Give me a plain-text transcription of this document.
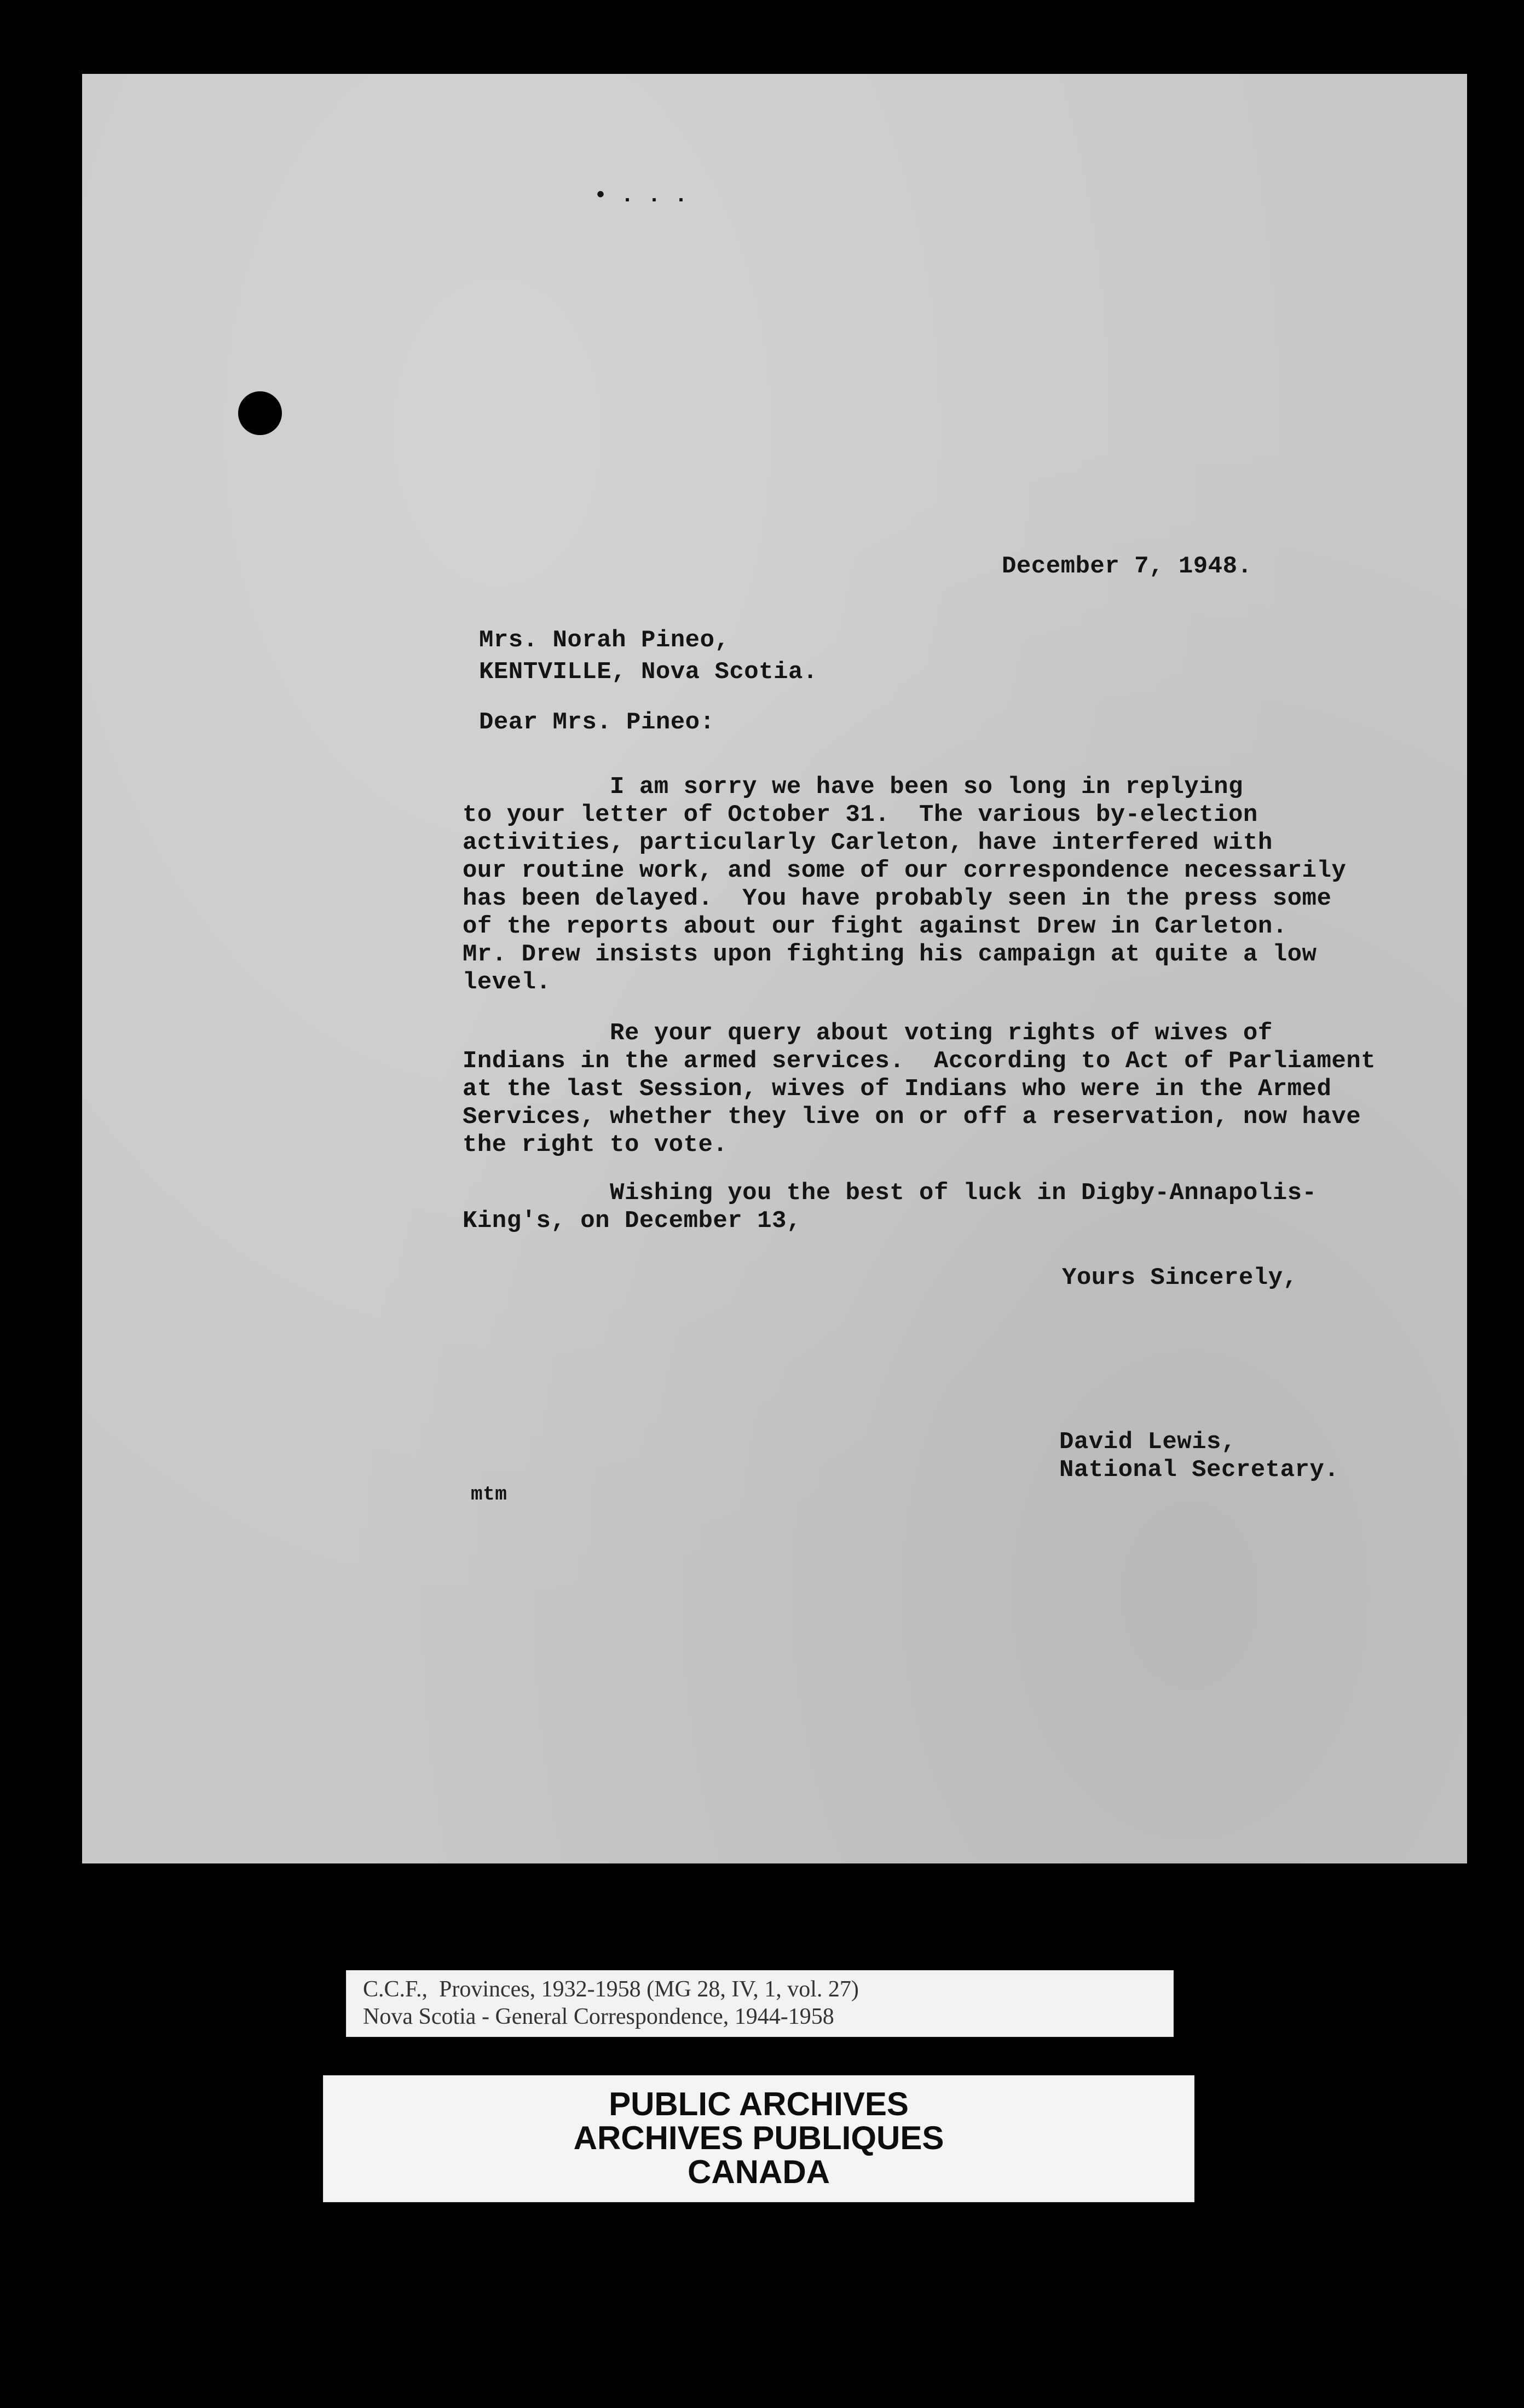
• . . .
December 7, 1948.
Mrs. Norah Pineo,
KENTVILLE, Nova Scotia.
Dear Mrs. Pineo:
I am sorry we have been so long in replying
to your letter of October 31.  The various by-election
activities, particularly Carleton, have interfered with
our routine work, and some of our correspondence necessarily
has been delayed.  You have probably seen in the press some
of the reports about our fight against Drew in Carleton.
Mr. Drew insists upon fighting his campaign at quite a low
level.
Re your query about voting rights of wives of
Indians in the armed services.  According to Act of Parliament
at the last Session, wives of Indians who were in the Armed
Services, whether they live on or off a reservation, now have
the right to vote.
Wishing you the best of luck in Digby-Annapolis-
King's, on December 13,
Yours Sincerely,
David Lewis,
National Secretary.
mtm
C.C.F.,  Provinces, 1932-1958 (MG 28, IV, 1, vol. 27)
Nova Scotia - General Correspondence, 1944-1958
PUBLIC ARCHIVES
ARCHIVES PUBLIQUES
CANADA
